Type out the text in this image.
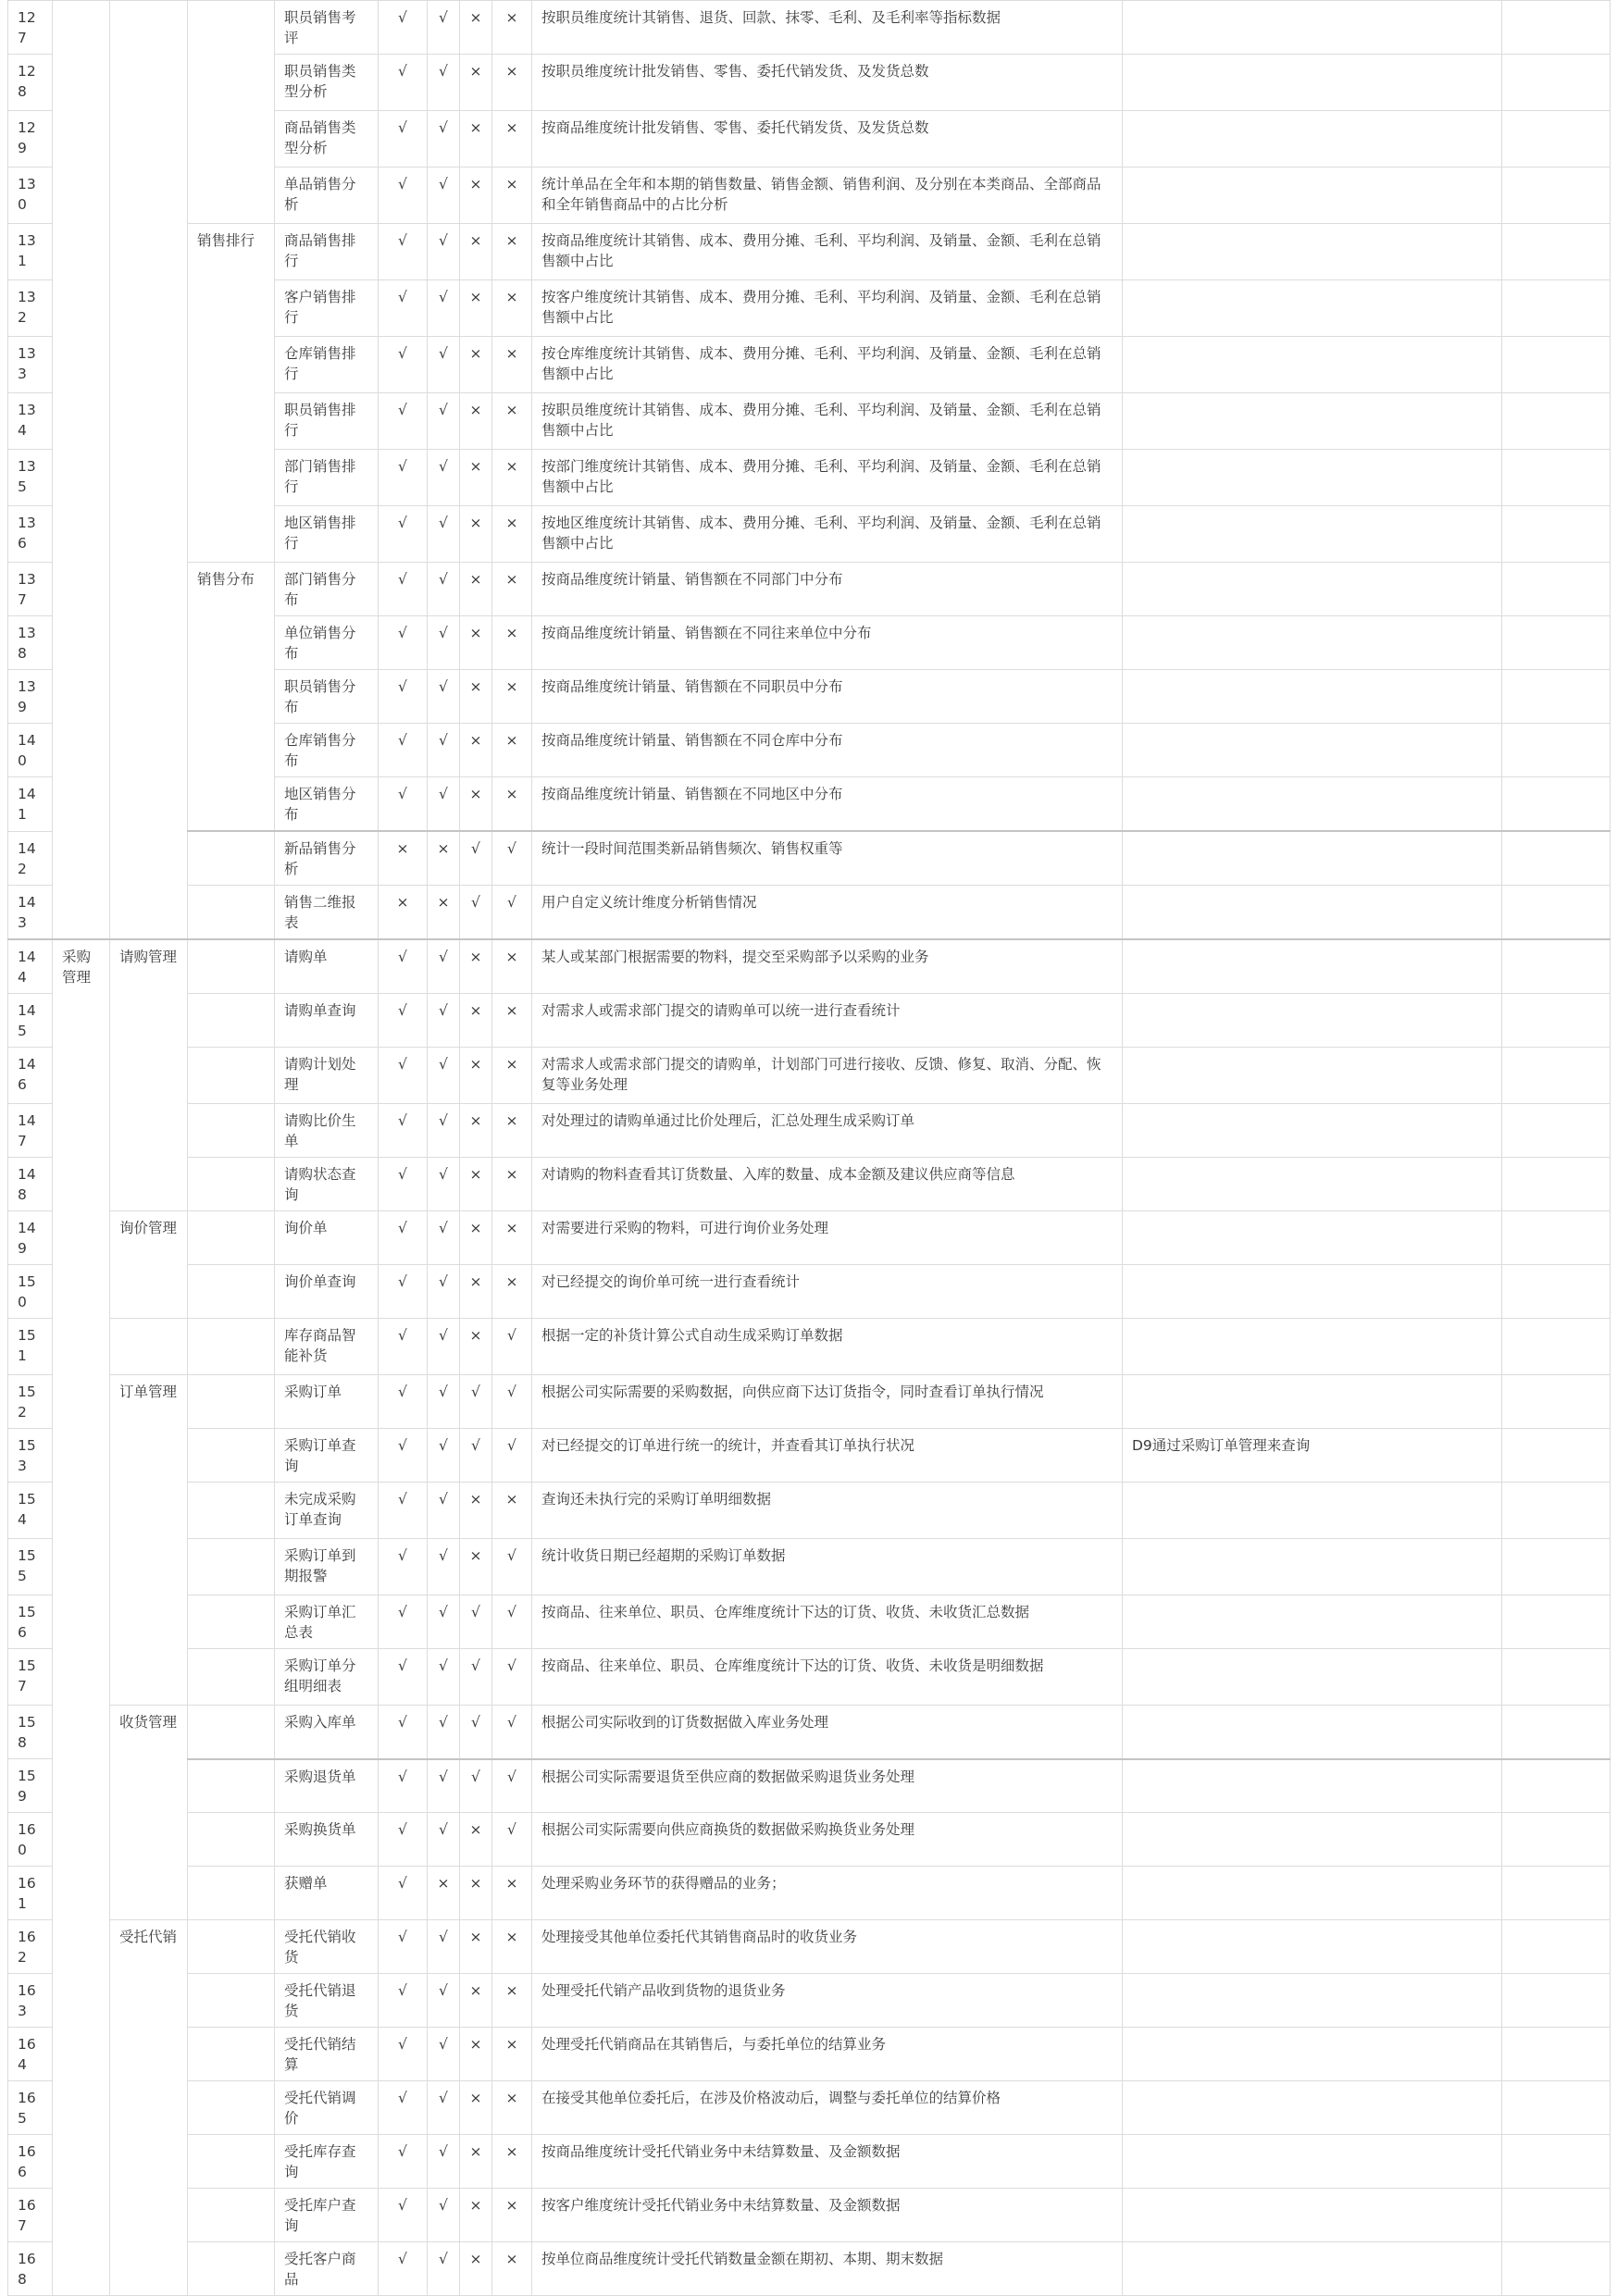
127				职员销售考评	√	√	×	×	按职员维度统计其销售、退货、回款、抹零、毛利、及毛利率等指标数据		
128				职员销售类型分析	√	√	×	×	按职员维度统计批发销售、零售、委托代销发货、及发货总数		
129				商品销售类型分析	√	√	×	×	按商品维度统计批发销售、零售、委托代销发货、及发货总数		
130				单品销售分析	√	√	×	×	统计单品在全年和本期的销售数量、销售金额、销售利润、及分别在本类商品、全部商品和全年销售商品中的占比分析		
131			销售排行	商品销售排行	√	√	×	×	按商品维度统计其销售、成本、费用分摊、毛利、平均利润、及销量、金额、毛利在总销售额中占比		
132				客户销售排行	√	√	×	×	按客户维度统计其销售、成本、费用分摊、毛利、平均利润、及销量、金额、毛利在总销售额中占比		
133				仓库销售排行	√	√	×	×	按仓库维度统计其销售、成本、费用分摊、毛利、平均利润、及销量、金额、毛利在总销售额中占比		
134				职员销售排行	√	√	×	×	按职员维度统计其销售、成本、费用分摊、毛利、平均利润、及销量、金额、毛利在总销售额中占比		
135				部门销售排行	√	√	×	×	按部门维度统计其销售、成本、费用分摊、毛利、平均利润、及销量、金额、毛利在总销售额中占比		
136				地区销售排行	√	√	×	×	按地区维度统计其销售、成本、费用分摊、毛利、平均利润、及销量、金额、毛利在总销售额中占比		
137			销售分布	部门销售分布	√	√	×	×	按商品维度统计销量、销售额在不同部门中分布		
138				单位销售分布	√	√	×	×	按商品维度统计销量、销售额在不同往来单位中分布		
139				职员销售分布	√	√	×	×	按商品维度统计销量、销售额在不同职员中分布		
140				仓库销售分布	√	√	×	×	按商品维度统计销量、销售额在不同仓库中分布		
141				地区销售分布	√	√	×	×	按商品维度统计销量、销售额在不同地区中分布		
142				新品销售分析	×	×	√	√	统计一段时间范围类新品销售频次、销售权重等		
143				销售二维报表	×	×	√	√	用户自定义统计维度分析销售情况		
144	采购管理	请购管理		请购单	√	√	×	×	某人或某部门根据需要的物料，提交至采购部予以采购的业务		
145				请购单查询	√	√	×	×	对需求人或需求部门提交的请购单可以统一进行查看统计		
146				请购计划处理	√	√	×	×	对需求人或需求部门提交的请购单，计划部门可进行接收、反馈、修复、取消、分配、恢复等业务处理		
147				请购比价生单	√	√	×	×	对处理过的请购单通过比价处理后，汇总处理生成采购订单		
148				请购状态查询	√	√	×	×	对请购的物料查看其订货数量、入库的数量、成本金额及建议供应商等信息		
149		询价管理		询价单	√	√	×	×	对需要进行采购的物料，可进行询价业务处理		
150				询价单查询	√	√	×	×	对已经提交的询价单可统一进行查看统计		
151				库存商品智能补货	√	√	×	√	根据一定的补货计算公式自动生成采购订单数据		
152		订单管理		采购订单	√	√	√	√	根据公司实际需要的采购数据，向供应商下达订货指令，同时查看订单执行情况		
153				采购订单查询	√	√	√	√	对已经提交的订单进行统一的统计，并查看其订单执行状况	D9通过采购订单管理来查询	
154				未完成采购订单查询	√	√	×	×	查询还未执行完的采购订单明细数据		
155				采购订单到期报警	√	√	×	√	统计收货日期已经超期的采购订单数据		
156				采购订单汇总表	√	√	√	√	按商品、往来单位、职员、仓库维度统计下达的订货、收货、未收货汇总数据		
157				采购订单分组明细表	√	√	√	√	按商品、往来单位、职员、仓库维度统计下达的订货、收货、未收货是明细数据		
158		收货管理		采购入库单	√	√	√	√	根据公司实际收到的订货数据做入库业务处理		
159				采购退货单	√	√	√	√	根据公司实际需要退货至供应商的数据做采购退货业务处理		
160				采购换货单	√	√	×	√	根据公司实际需要向供应商换货的数据做采购换货业务处理		
161				获赠单	√	×	×	×	处理采购业务环节的获得赠品的业务；		
162		受托代销		受托代销收货	√	√	×	×	处理接受其他单位委托代其销售商品时的收货业务		
163				受托代销退货	√	√	×	×	处理受托代销产品收到货物的退货业务		
164				受托代销结算	√	√	×	×	处理受托代销商品在其销售后，与委托单位的结算业务		
165				受托代销调价	√	√	×	×	在接受其他单位委托后，在涉及价格波动后，调整与委托单位的结算价格		
166				受托库存查询	√	√	×	×	按商品维度统计受托代销业务中未结算数量、及金额数据		
167				受托库户查询	√	√	×	×	按客户维度统计受托代销业务中未结算数量、及金额数据		
168				受托客户商品	√	√	×	×	按单位商品维度统计受托代销数量金额在期初、本期、期末数据		
